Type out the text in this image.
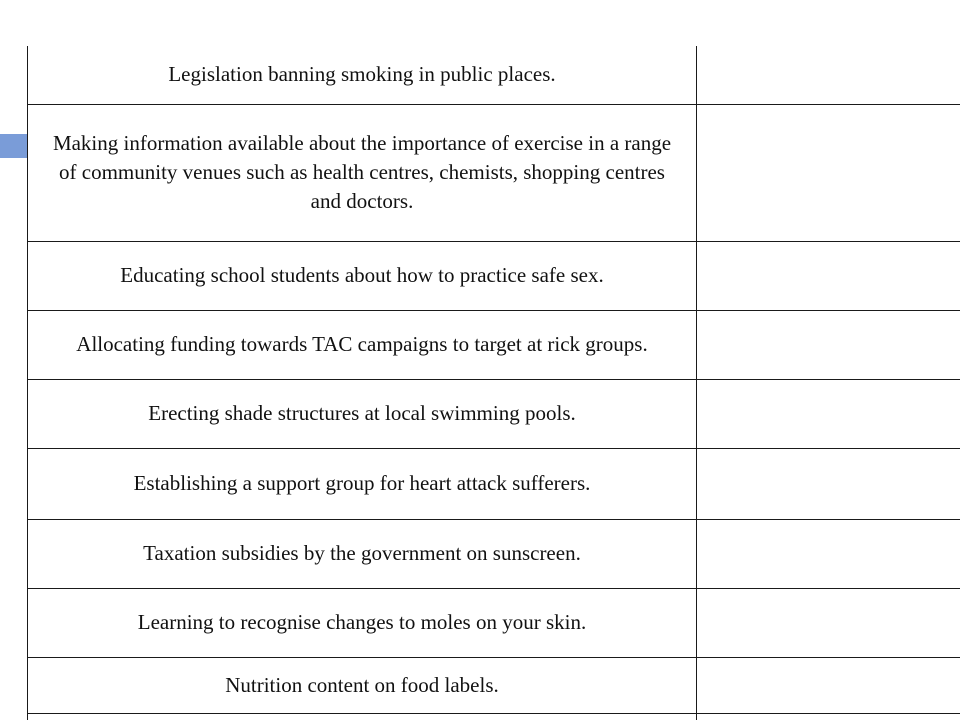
Legislation banning smoking in public places.	
Making information available about the importance of exercise in a range of community venues such as health centres, chemists, shopping centres and doctors.	
Educating school students about how to practice safe sex.	
Allocating funding towards TAC campaigns to target at rick groups.	
Erecting shade structures at local swimming pools.	
Establishing a support group for heart attack sufferers.	
Taxation subsidies by the government on sunscreen.	
Learning to recognise changes to moles on your skin.	
Nutrition content on food labels.	
